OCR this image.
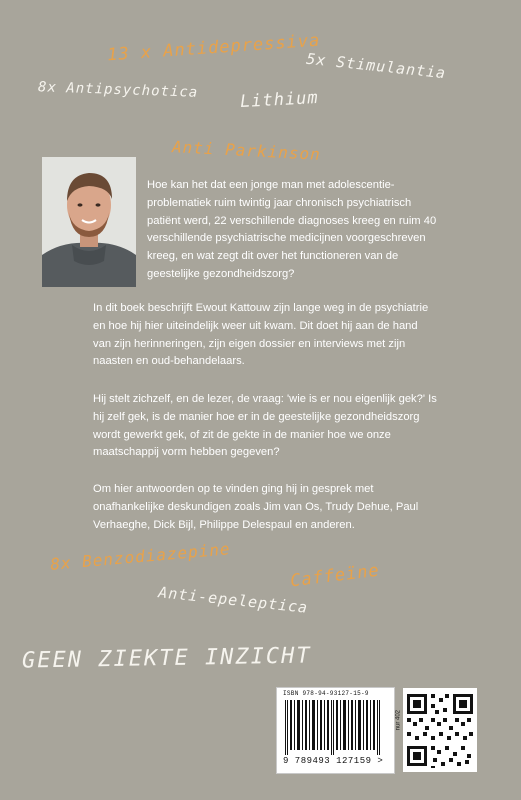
13 x Antidepressiva
5x Stimulantia
8x Antipsychotica Lithium
Anti Parkinson
Hoe kan het dat een jonge man met adolescentie-problematiek ruim twintig jaar chronisch psychiatrisch patiënt werd, 22 verschillende diagnoses kreeg en ruim 40 verschillende psychiatrische medicijnen voorgeschreven kreeg, en wat zegt dit over het functioneren van de geestelijke gezondheidszorg?
In dit boek beschrijft Ewout Kattouw zijn lange weg in de psychiatrie en hoe hij hier uiteindelijk weer uit kwam. Dit doet hij aan de hand van zijn herinneringen, zijn eigen dossier en interviews met zijn naasten en oud-behandelaars.
Hij stelt zichzelf, en de lezer, de vraag: 'wie is er nou eigenlijk gek?' Is hij zelf gek, is de manier hoe er in de geestelijke gezondheidszorg wordt gewerkt gek, of zit de gekte in de manier hoe we onze maatschappij vorm hebben gegeven?
Om hier antwoorden op te vinden ging hij in gesprek met onafhankelijke deskundigen zoals Jim van Os, Trudy Dehue, Paul Verhaeghe, Dick Bijl, Philippe Delespaul en anderen.
8x Benzodiazepine
Caffeïne
Anti-epeleptica
GEEN ZIEKTE INZICHT
ISBN 978-94-93127-15-9
nur 402
9 789493 127159 >
